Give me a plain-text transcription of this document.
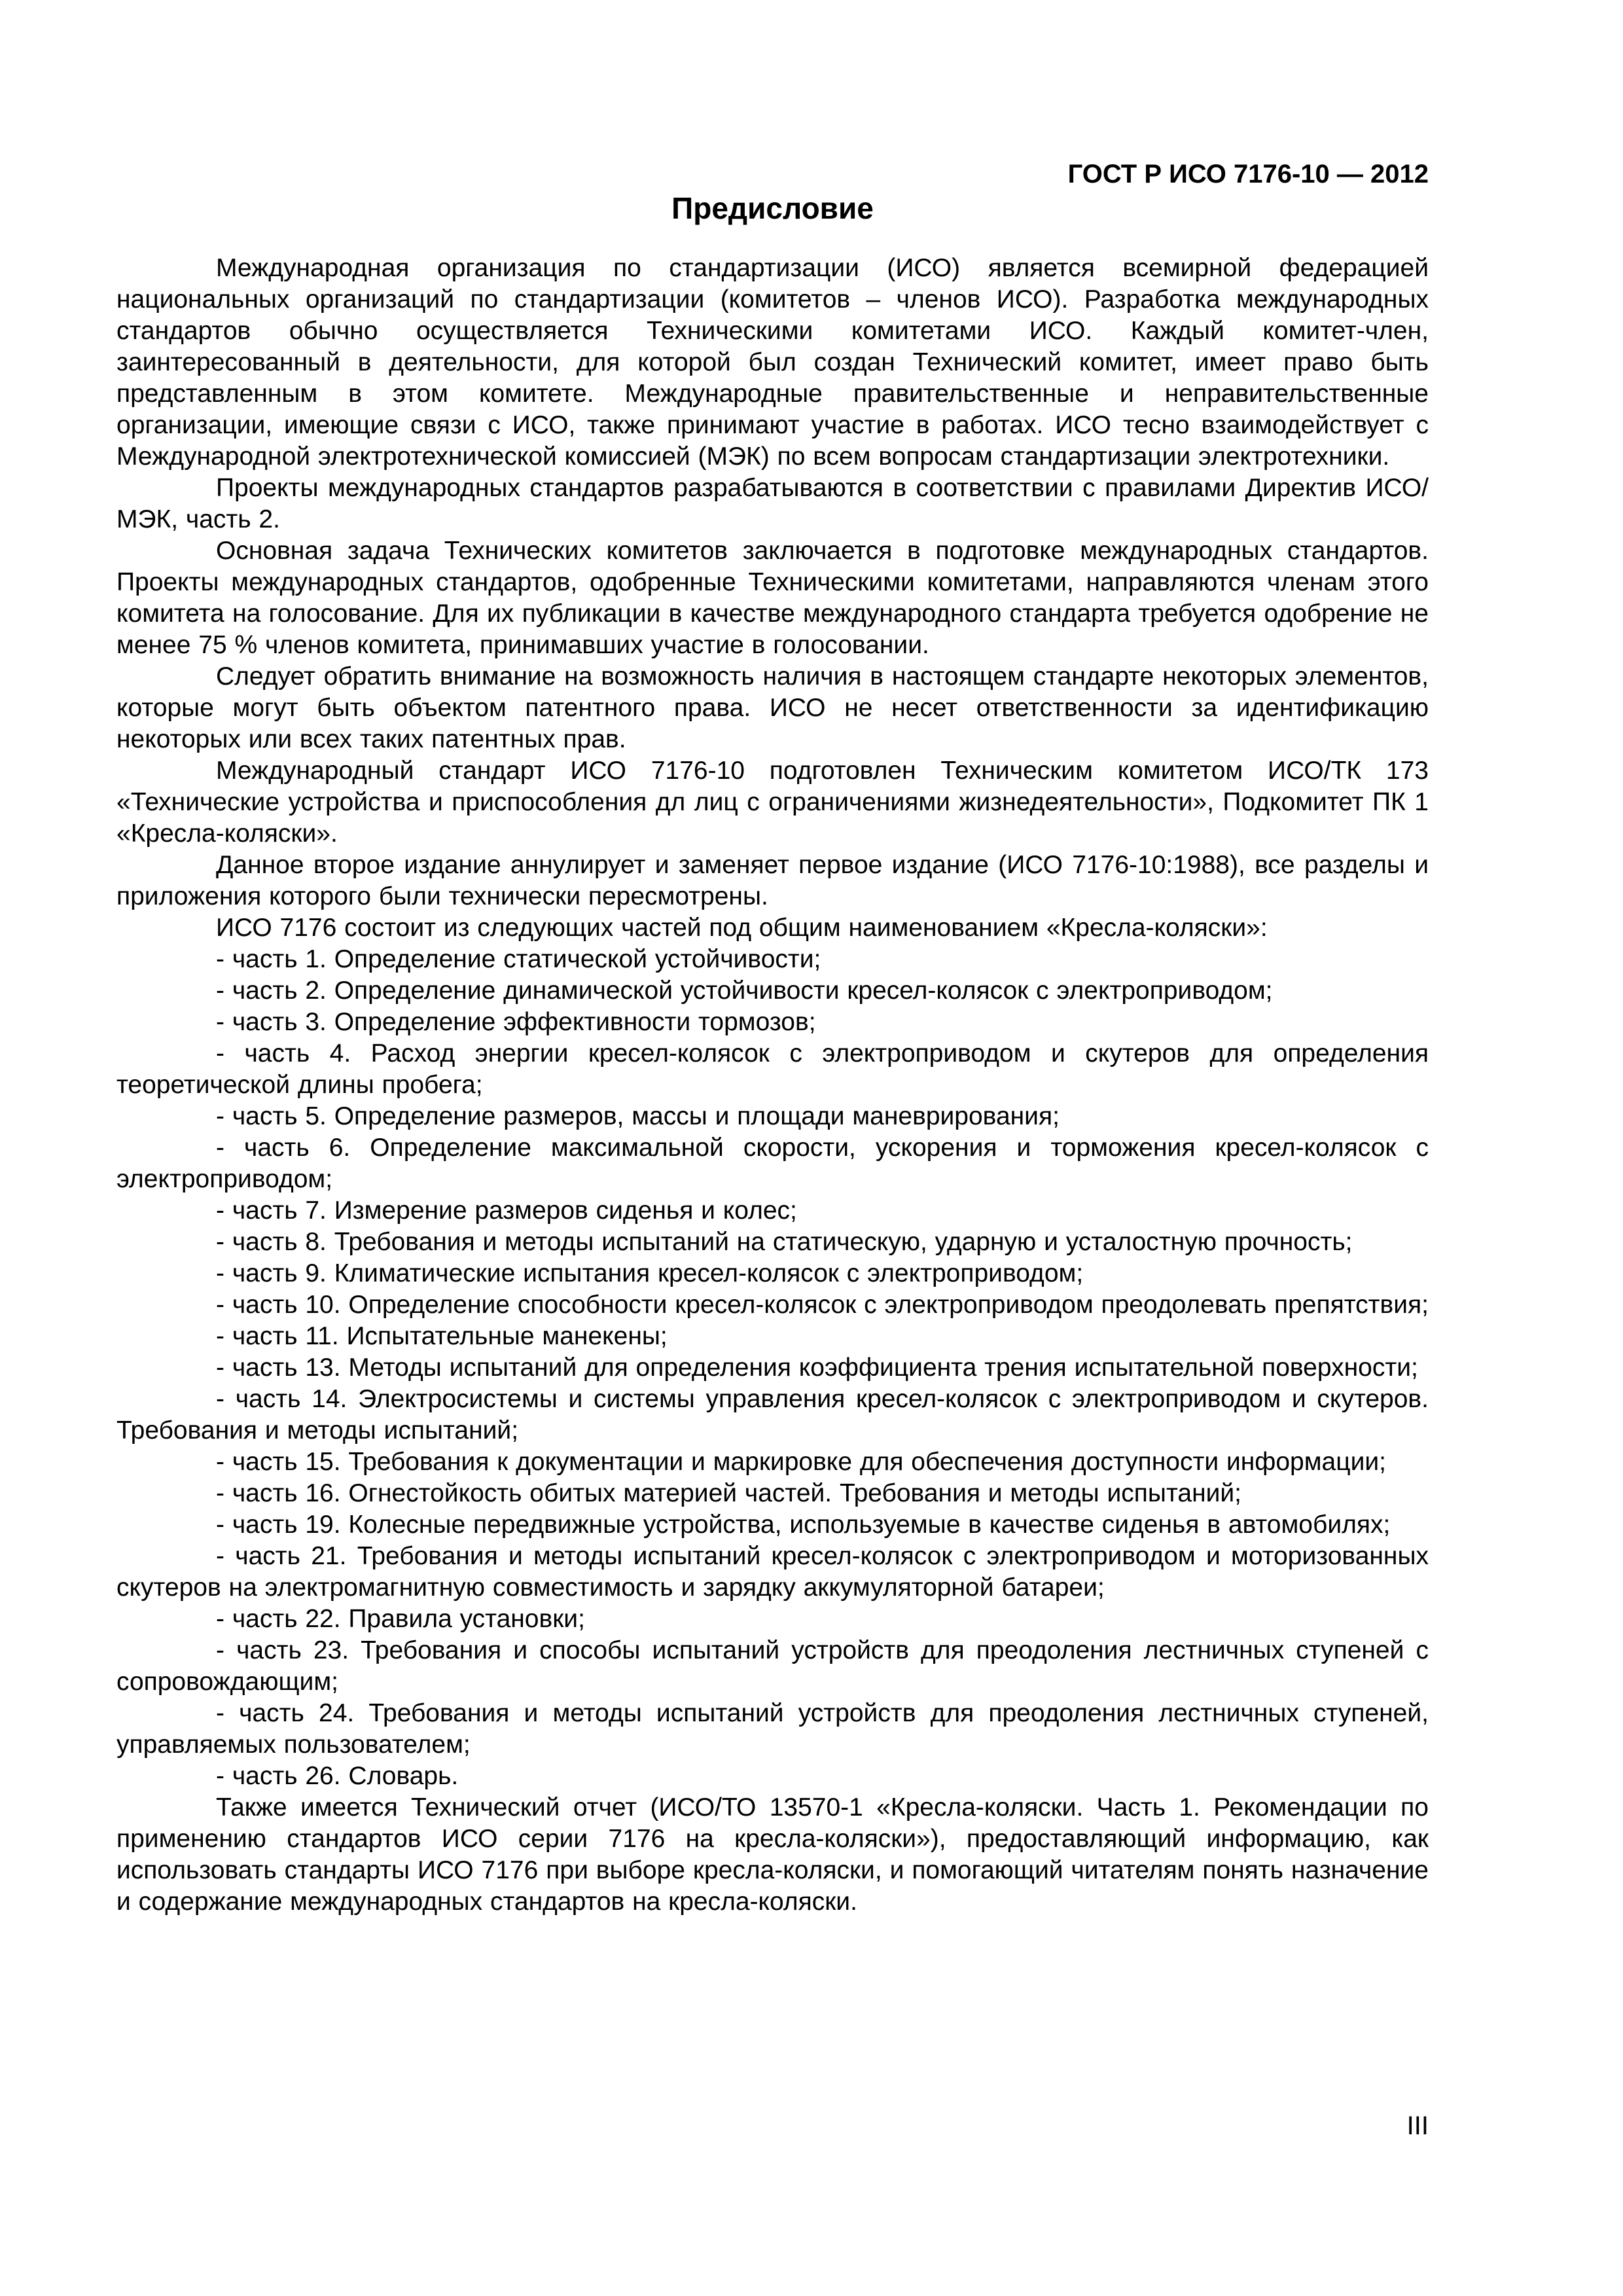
ГОСТ Р ИСО 7176-10 — 2012
Предисловие

Международная организация по стандартизации (ИСО) является всемирной федерацией национальных организаций по стандартизации (комитетов – членов ИСО). Разработка международных стандартов обычно осуществляется Техническими комитетами ИСО. Каждый комитет-член, заинтересованный в деятельности, для которой был создан Технический комитет, имеет право быть представленным в этом комитете. Международные правительственные и неправительственные организации, имеющие связи с ИСО, также принимают участие в работах. ИСО тесно взаимодействует с Международной электротехнической комиссией (МЭК) по всем вопросам стандартизации электротехники.

Проекты международных стандартов разрабатываются в соответствии с правилами Директив ИСО/МЭК, часть 2.

Основная задача Технических комитетов заключается в подготовке международных стандартов. Проекты международных стандартов, одобренные Техническими комитетами, направляются членам этого комитета на голосование. Для их публикации в качестве международного стандарта требуется одобрение не менее 75 % членов комитета, принимавших участие в голосовании.

Следует обратить внимание на возможность наличия в настоящем стандарте некоторых элементов, которые могут быть объектом патентного права. ИСО не несет ответственности за идентификацию некоторых или всех таких патентных прав.

Международный стандарт ИСО 7176-10 подготовлен Техническим комитетом ИСО/ТК 173 «Технические устройства и приспособления дл лиц с ограничениями жизнедеятельности», Подкомитет ПК 1 «Кресла-коляски».

Данное второе издание аннулирует и заменяет первое издание (ИСО 7176-10:1988), все разделы и приложения которого были технически пересмотрены.

ИСО 7176 состоит из следующих частей под общим наименованием «Кресла-коляски»:

- часть 1. Определение статической устойчивости;

- часть 2. Определение динамической устойчивости кресел-колясок с электроприводом;

- часть 3. Определение эффективности тормозов;

- часть 4. Расход энергии кресел-колясок с электроприводом и скутеров для определения теоретической длины пробега;

- часть 5. Определение размеров, массы и площади маневрирования;

- часть 6. Определение максимальной скорости, ускорения и торможения кресел-колясок с электроприводом;

- часть 7. Измерение размеров сиденья и колес;

- часть 8. Требования и методы испытаний на статическую, ударную и усталостную прочность;

- часть 9. Климатические испытания кресел-колясок с электроприводом;

- часть 10. Определение способности кресел-колясок с электроприводом преодолевать препятствия;

- часть 11. Испытательные манекены;

- часть 13. Методы испытаний для определения коэффициента трения испытательной поверхности;

- часть 14. Электросистемы и системы управления кресел-колясок с электроприводом и скутеров. Требования и методы испытаний;

- часть 15. Требования к документации и маркировке для обеспечения доступности информации;

- часть 16. Огнестойкость обитых материей частей. Требования и методы испытаний;

- часть 19. Колесные передвижные устройства, используемые в качестве сиденья в автомобилях;

- часть 21. Требования и методы испытаний кресел-колясок с электроприводом и моторизованных скутеров на электромагнитную совместимость и зарядку аккумуляторной батареи;

- часть 22. Правила установки;

- часть 23. Требования и способы испытаний устройств для преодоления лестничных ступеней с сопровождающим;

- часть 24. Требования и методы испытаний устройств для преодоления лестничных ступеней, управляемых пользователем;

- часть 26. Словарь.

Также имеется Технический отчет (ИСО/ТО 13570-1 «Кресла-коляски. Часть 1. Рекомендации по применению стандартов ИСО серии 7176 на кресла-коляски»), предоставляющий информацию, как использовать стандарты ИСО 7176 при выборе кресла-коляски, и помогающий читателям понять назначение и содержание международных стандартов на кресла-коляски.

III
